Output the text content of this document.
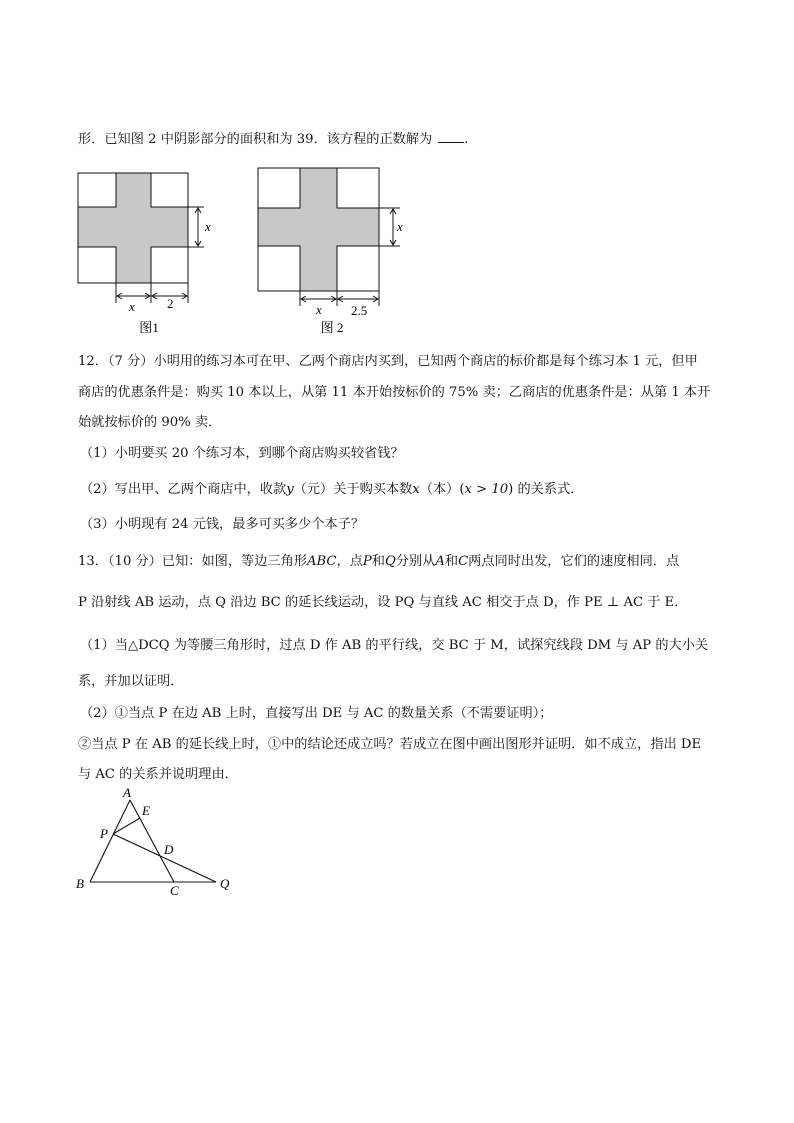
形．已知图 2 中阴影部分的面积和为 39．该方程的正数解为 .
x
x 2
图1
x
x 2.5
图 2
12．（7 分）小明用的练习本可在甲、乙两个商店内买到，已知两个商店的标价都是每个练习本 1 元，但甲
商店的优惠条件是：购买 10 本以上，从第 11 本开始按标价的 75% 卖；乙商店的优惠条件是：从第 1 本开
始就按标价的 90% 卖．
（1）小明要买 20 个练习本，到哪个商店购买较省钱？
（2）写出甲、乙两个商店中，收款y（元）关于购买本数x（本）(x > 10) 的关系式．
（3）小明现有 24 元钱，最多可买多少个本子？
13．（10 分）已知：如图，等边三角形ABC，点P和Q分别从A和C两点同时出发，它们的速度相同．点
P 沿射线 AB 运动，点 Q 沿边 BC 的延长线运动，设 PQ 与直线 AC 相交于点 D，作 PE ⊥ AC 于 E．
（1）当△DCQ 为等腰三角形时，过点 D 作 AB 的平行线，交 BC 于 M，试探究线段 DM 与 AP 的大小关
系，并加以证明．
（2）①当点 P 在边 AB 上时，直接写出 DE 与 AC 的数量关系（不需要证明）；
②当点 P 在 AB 的延长线上时，①中的结论还成立吗？若成立在图中画出图形并证明．如不成立，指出 DE
与 AC 的关系并说明理由．
A
E
P
D
B	C	Q
